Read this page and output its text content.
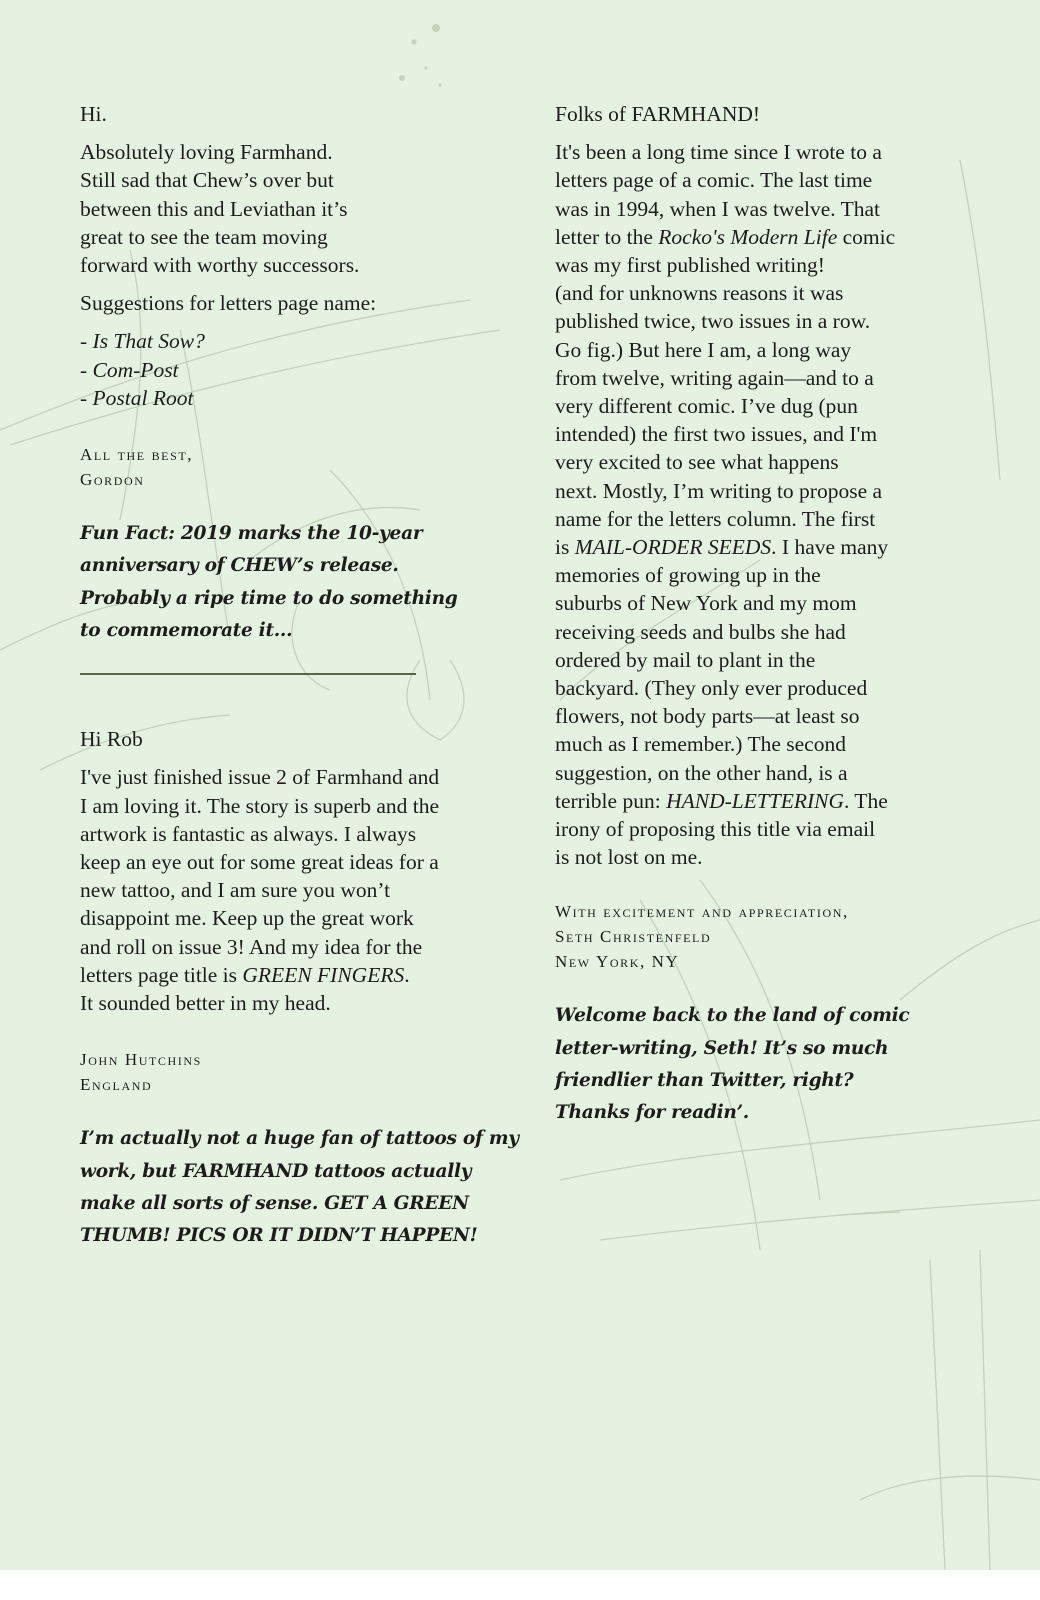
Hi.

Absolutely loving Farmhand.
Still sad that Chew’s over but
between this and Leviathan it’s
great to see the team moving
forward with worthy successors.

Suggestions for letters page name:

- Is That Sow?
- Com-Post
- Postal Root
All the best,
Gordon
Fun Fact: 2019 marks the 10-year
anniversary of CHEW’s release.
Probably a ripe time to do something
to commemorate it...

Hi Rob

I've just finished issue 2 of Farmhand and
I am loving it. The story is superb and the
artwork is fantastic as always. I always
keep an eye out for some great ideas for a
new tattoo, and I am sure you won’t
disappoint me. Keep up the great work
and roll on issue 3! And my idea for the
letters page title is GREEN FINGERS.
It sounded better in my head.

John Hutchins
England
I’m actually not a huge fan of tattoos of my
work, but FARMHAND tattoos actually
make all sorts of sense. GET A GREEN
THUMB! PICS OR IT DIDN’T HAPPEN!

Folks of FARMHAND!

It's been a long time since I wrote to a
letters page of a comic. The last time
was in 1994, when I was twelve. That
letter to the Rocko's Modern Life comic
was my first published writing!
(and for unknowns reasons it was
published twice, two issues in a row.
Go fig.) But here I am, a long way
from twelve, writing again—and to a
very different comic. I’ve dug (pun
intended) the first two issues, and I'm
very excited to see what happens
next. Mostly, I’m writing to propose a
name for the letters column. The first
is MAIL-ORDER SEEDS. I have many
memories of growing up in the
suburbs of New York and my mom
receiving seeds and bulbs she had
ordered by mail to plant in the
backyard. (They only ever produced
flowers, not body parts—at least so
much as I remember.) The second
suggestion, on the other hand, is a
terrible pun: HAND-LETTERING. The
irony of proposing this title via email
is not lost on me.

With excitement and appreciation,
Seth Christenfeld
New York, NY
Welcome back to the land of comic
letter-writing, Seth! It’s so much
friendlier than Twitter, right?
Thanks for readin’.
